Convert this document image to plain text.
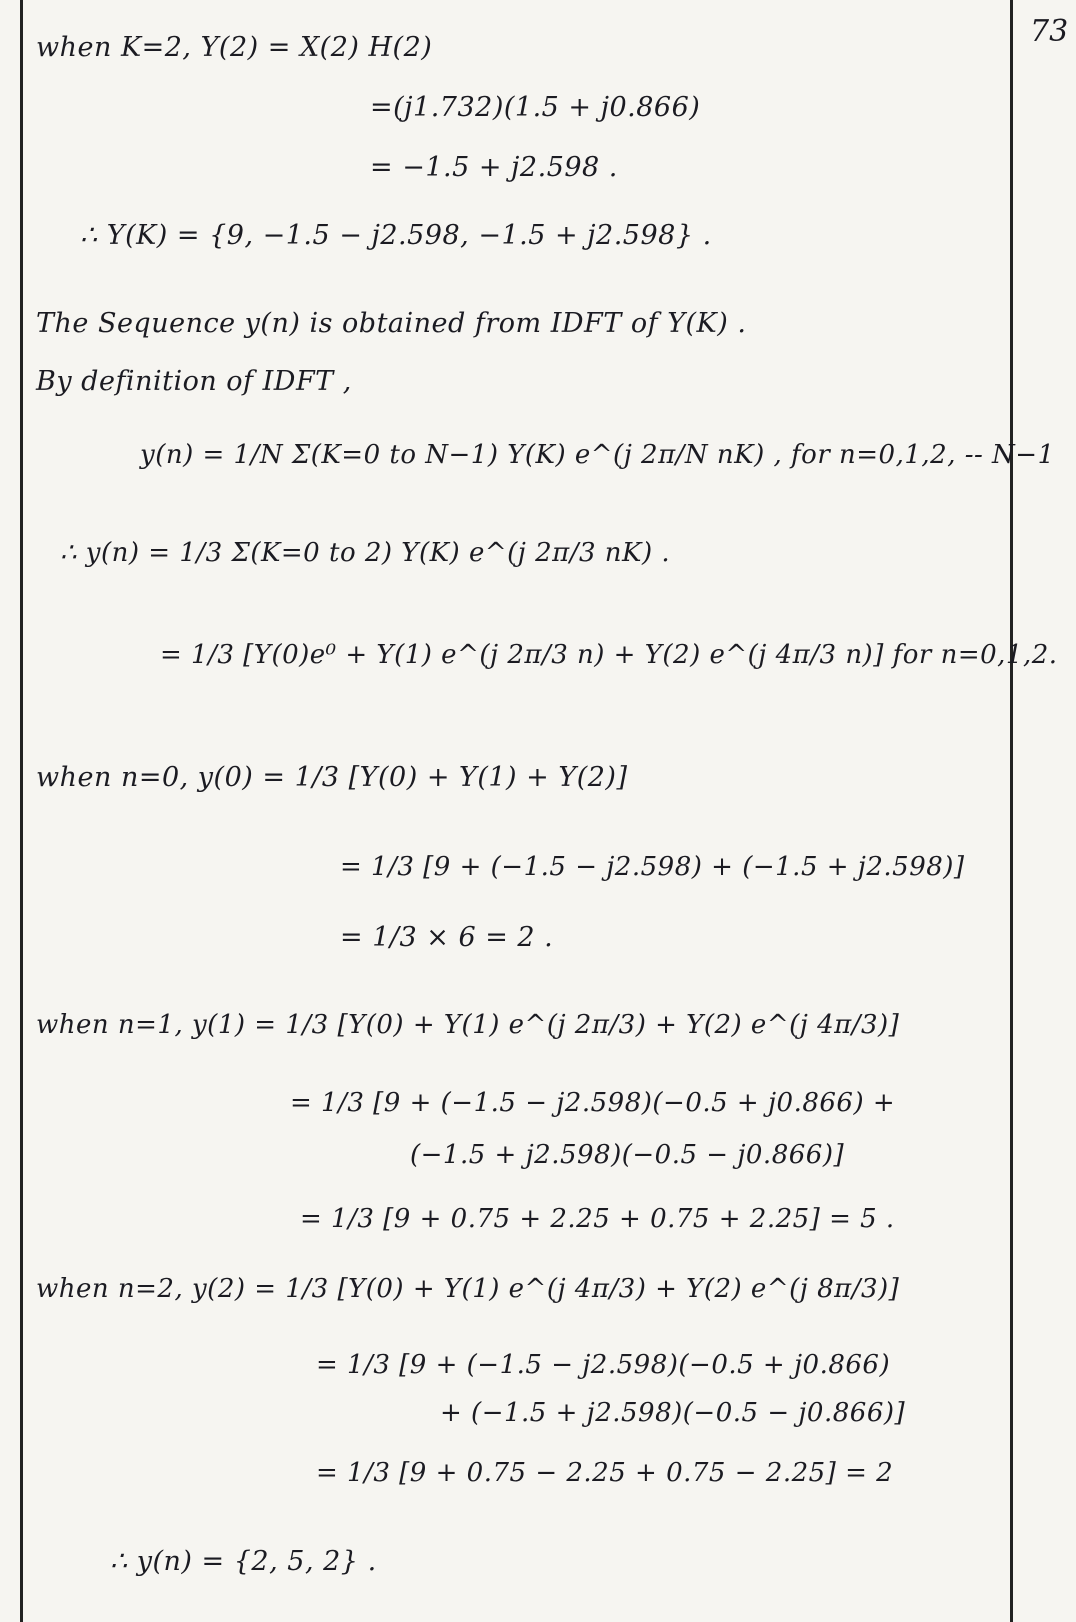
73
when K=2, Y(2) = X(2) H(2)
=(j1.732)(1.5 + j0.866)
= −1.5 + j2.598 .
∴ Y(K) = {9, −1.5 − j2.598, −1.5 + j2.598} .
The Sequence y(n) is obtained from IDFT of Y(K) .
By definition of IDFT ,
y(n) = 1/N Σ(K=0 to N−1) Y(K) e^(j 2π/N nK) , for n=0,1,2, -- N−1
∴ y(n) = 1/3 Σ(K=0 to 2) Y(K) e^(j 2π/3 nK) .
= 1/3 [Y(0)e⁰ + Y(1) e^(j 2π/3 n) + Y(2) e^(j 4π/3 n)] for n=0,1,2.
when n=0, y(0) = 1/3 [Y(0) + Y(1) + Y(2)]
= 1/3 [9 + (−1.5 − j2.598) + (−1.5 + j2.598)]
= 1/3 × 6 = 2 .
when n=1, y(1) = 1/3 [Y(0) + Y(1) e^(j 2π/3) + Y(2) e^(j 4π/3)]
= 1/3 [9 + (−1.5 − j2.598)(−0.5 + j0.866) +
(−1.5 + j2.598)(−0.5 − j0.866)]
= 1/3 [9 + 0.75 + 2.25 + 0.75 + 2.25] = 5 .
when n=2, y(2) = 1/3 [Y(0) + Y(1) e^(j 4π/3) + Y(2) e^(j 8π/3)]
= 1/3 [9 + (−1.5 − j2.598)(−0.5 + j0.866)
+ (−1.5 + j2.598)(−0.5 − j0.866)]
= 1/3 [9 + 0.75 − 2.25 + 0.75 − 2.25] = 2
∴ y(n) = {2, 5, 2} .
